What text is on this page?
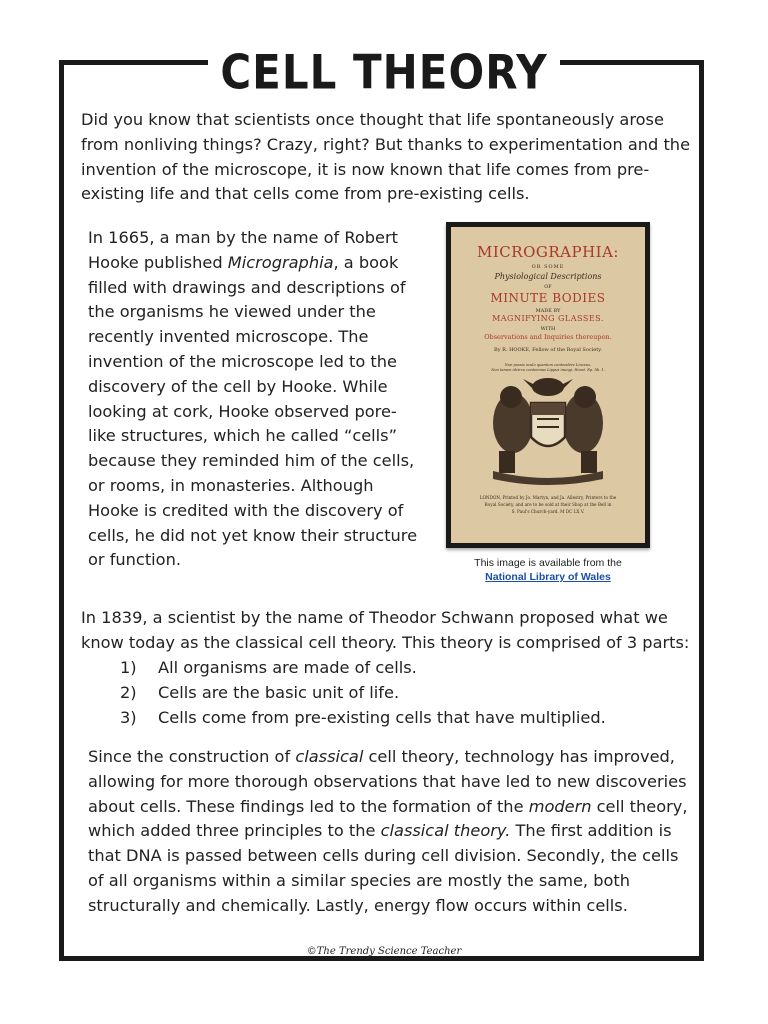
CELL THEORY

Did you know that scientists once thought that life spontaneously arose from nonliving things? Crazy, right? But thanks to experimentation and the invention of the microscope, it is now known that life comes from pre-existing life and that cells come from pre-existing cells.

In 1665, a man by the name of Robert Hooke published Micrographia, a book filled with drawings and descriptions of the organisms he viewed under the recently invented microscope. The invention of the microscope led to the discovery of the cell by Hooke. While looking at cork, Hooke observed pore-like structures, which he called “cells” because they reminded him of the cells, or rooms, in monasteries. Although Hooke is credited with the discovery of cells, he did not yet know their structure or function.

MICROGRAPHIA:
OR SOME
Physiological Descriptions
OF
MINUTE BODIES
MADE BY
MAGNIFYING GLASSES.
WITH
Observations and Inquiries thereupon.
By R. HOOKE, Fellow of the Royal Society.
Non possis oculo quantum contendere Linceus,
Non tamen idcirco contemnas Lippus inungi. Horat. Ep. lib. 1.
LONDON, Printed by Jo. Martyn, and Ja. Allestry, Printers to the
Royal Society, and are to be sold at their Shop at the Bell in
S. Paul's Church-yard. M DC LX V.
This image is available from the
National Library of Wales

In 1839, a scientist by the name of Theodor Schwann proposed what we
know today as the classical cell theory. This theory is comprised of 3 parts:

1)	All organisms are made of cells.
2)	Cells are the basic unit of life.
3)	Cells come from pre-existing cells that have multiplied.

Since the construction of classical cell theory, technology has improved, allowing for more thorough observations that have led to new discoveries about cells. These findings led to the formation of the modern cell theory, which added three principles to the classical theory. The first addition is that DNA is passed between cells during cell division. Secondly, the cells of all organisms within a similar species are mostly the same, both structurally and chemically. Lastly, energy flow occurs within cells.

©The Trendy Science Teacher
